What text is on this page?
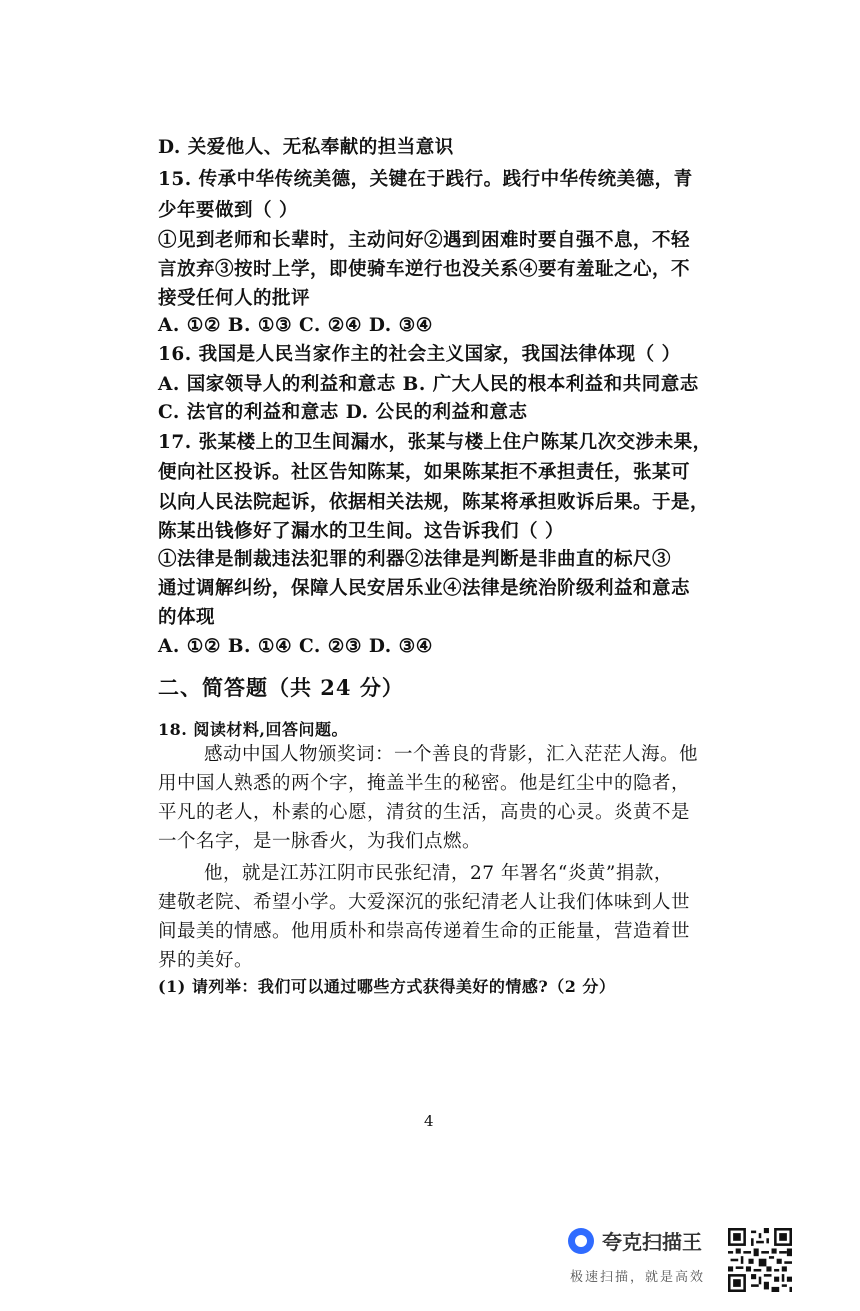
D. 关爱他人、无私奉献的担当意识
15. 传承中华传统美德，关键在于践行。践行中华传统美德，青
少年要做到（ ）
①见到老师和长辈时，主动问好②遇到困难时要自强不息，不轻
言放弃③按时上学，即使骑车逆行也没关系④要有羞耻之心，不
接受任何人的批评
A. ①② B. ①③ C. ②④ D. ③④
16. 我国是人民当家作主的社会主义国家，我国法律体现（ ）
A. 国家领导人的利益和意志 B. 广大人民的根本利益和共同意志
C. 法官的利益和意志 D. 公民的利益和意志
17. 张某楼上的卫生间漏水，张某与楼上住户陈某几次交涉未果，
便向社区投诉。社区告知陈某，如果陈某拒不承担责任，张某可
以向人民法院起诉，依据相关法规，陈某将承担败诉后果。于是，
陈某出钱修好了漏水的卫生间。这告诉我们（ ）
①法律是制裁违法犯罪的利器②法律是判断是非曲直的标尺③
通过调解纠纷，保障人民安居乐业④法律是统治阶级利益和意志
的体现
A. ①② B. ①④ C. ②③ D. ③④
二、简答题（共 24 分）
18. 阅读材料,回答问题。
感动中国人物颁奖词：一个善良的背影，汇入茫茫人海。他
用中国人熟悉的两个字，掩盖半生的秘密。他是红尘中的隐者，
平凡的老人，朴素的心愿，清贫的生活，高贵的心灵。炎黄不是
一个名字，是一脉香火，为我们点燃。
他，就是江苏江阴市民张纪清，27 年署名“炎黄”捐款，
建敬老院、希望小学。大爱深沉的张纪清老人让我们体味到人世
间最美的情感。他用质朴和崇高传递着生命的正能量，营造着世
界的美好。
(1) 请列举：我们可以通过哪些方式获得美好的情感?（2 分）
4
夸克扫描王
极速扫描，就是高效
